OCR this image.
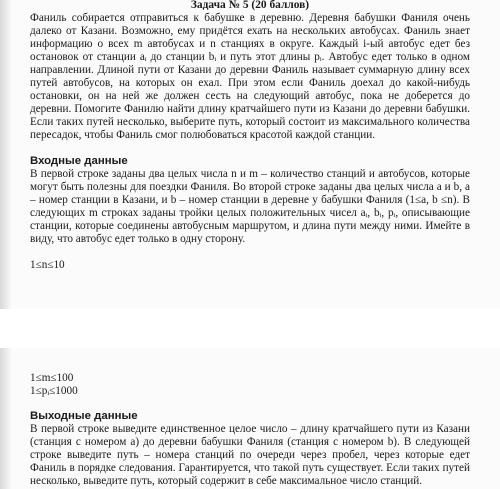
Задача № 5 (20 баллов)
Фаниль собирается отправиться к бабушке в деревню. Деревня бабушки Фаниля очень далеко от Казани. Возможно, ему придётся ехать на нескольких автобусах. Фаниль знает информацию о всех m автобусах и n станциях в округе. Каждый i-ый автобус едет без остановок от станции aᵢ до станции bᵢ и путь этот длины pᵢ. Автобус едет только в одном направлении. Длиной пути от Казани до деревни Фаниль называет суммарную длину всех путей автобусов, на которых он ехал. При этом если Фаниль доехал до какой-нибудь остановки, он на ней же должен сесть на следующий автобус, пока не доберется до деревни. Помогите Фанилю найти длину кратчайшего пути из Казани до деревни бабушки. Если таких путей несколько, выберите путь, который состоит из максимального количества пересадок, чтобы Фаниль смог полюбоваться красотой каждой станции.
Входные данные
В первой строке заданы два целых числа n и m – количество станций и автобусов, которые могут быть полезны для поездки Фаниля. Во второй строке заданы два целых числа a и b, a – номер станции в Казани, и b – номер станции в деревне у бабушки Фаниля (1≤a, b ≤n). В следующих m строках заданы тройки целых положительных чисел aᵢ, bᵢ, pᵢ, описывающие станции, которые соединены автобусным маршрутом, и длина пути между ними. Имейте в виду, что автобус едет только в одну сторону.
1≤n≤10
1≤m≤100
1≤pᵢ≤1000
Выходные данные
В первой строке выведите единственное целое число – длину кратчайшего пути из Казани (станция с номером a) до деревни бабушки Фаниля (станция с номером b). В следующей строке выведите путь – номера станций по очереди через пробел, через которые едет Фаниль в порядке следования. Гарантируется, что такой путь существует. Если таких путей несколько, выведите путь, который содержит в себе максимальное число станций.
